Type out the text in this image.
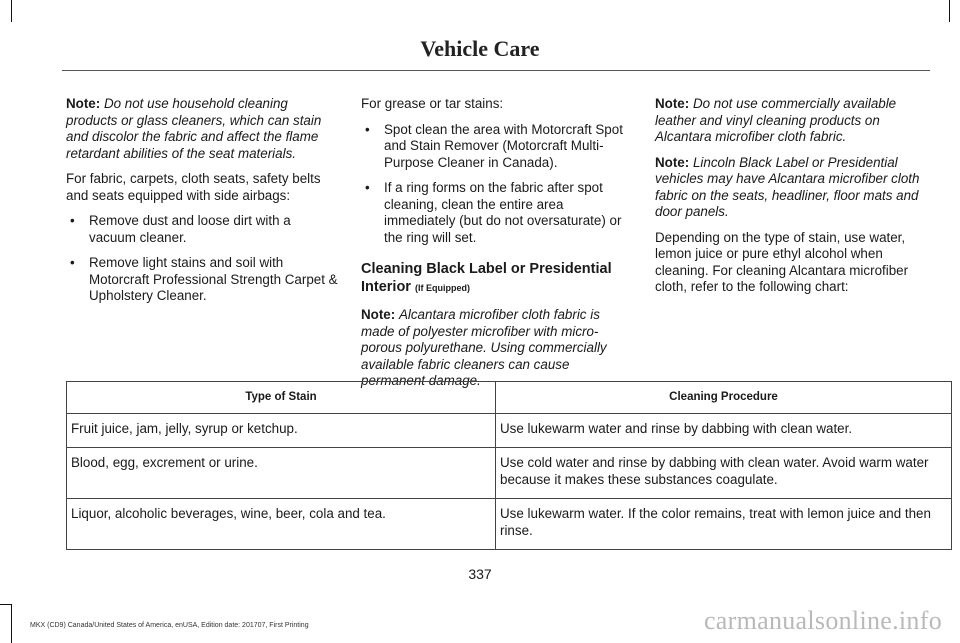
Vehicle Care

Note: Do not use household cleaning products or glass cleaners, which can stain and discolor the fabric and affect the flame retardant abilities of the seat materials.

For fabric, carpets, cloth seats, safety belts and seats equipped with side airbags:

• Remove dust and loose dirt with a vacuum cleaner.
• Remove light stains and soil with Motorcraft Professional Strength Carpet & Upholstery Cleaner.

For grease or tar stains:

• Spot clean the area with Motorcraft Spot and Stain Remover (Motorcraft Multi-Purpose Cleaner in Canada).
• If a ring forms on the fabric after spot cleaning, clean the entire area immediately (but do not oversaturate) or the ring will set.
Cleaning Black Label or Presidential Interior (If Equipped)

Note: Alcantara microfiber cloth fabric is made of polyester microfiber with micro-porous polyurethane. Using commercially available fabric cleaners can cause permanent damage.

Note: Do not use commercially available leather and vinyl cleaning products on Alcantara microfiber cloth fabric.

Note: Lincoln Black Label or Presidential vehicles may have Alcantara microfiber cloth fabric on the seats, headliner, floor mats and door panels.

Depending on the type of stain, use water, lemon juice or pure ethyl alcohol when cleaning. For cleaning Alcantara microfiber cloth, refer to the following chart:

Type of Stain	Cleaning Procedure
Fruit juice, jam, jelly, syrup or ketchup.	Use lukewarm water and rinse by dabbing with clean water.
Blood, egg, excrement or urine.	Use cold water and rinse by dabbing with clean water. Avoid warm water because it makes these substances coagulate.
Liquor, alcoholic beverages, wine, beer, cola and tea.	Use lukewarm water. If the color remains, treat with lemon juice and then rinse.
337
MKX (CD9) Canada/United States of America, enUSA, Edition date: 201707, First Printing	carmanualsonline.info
